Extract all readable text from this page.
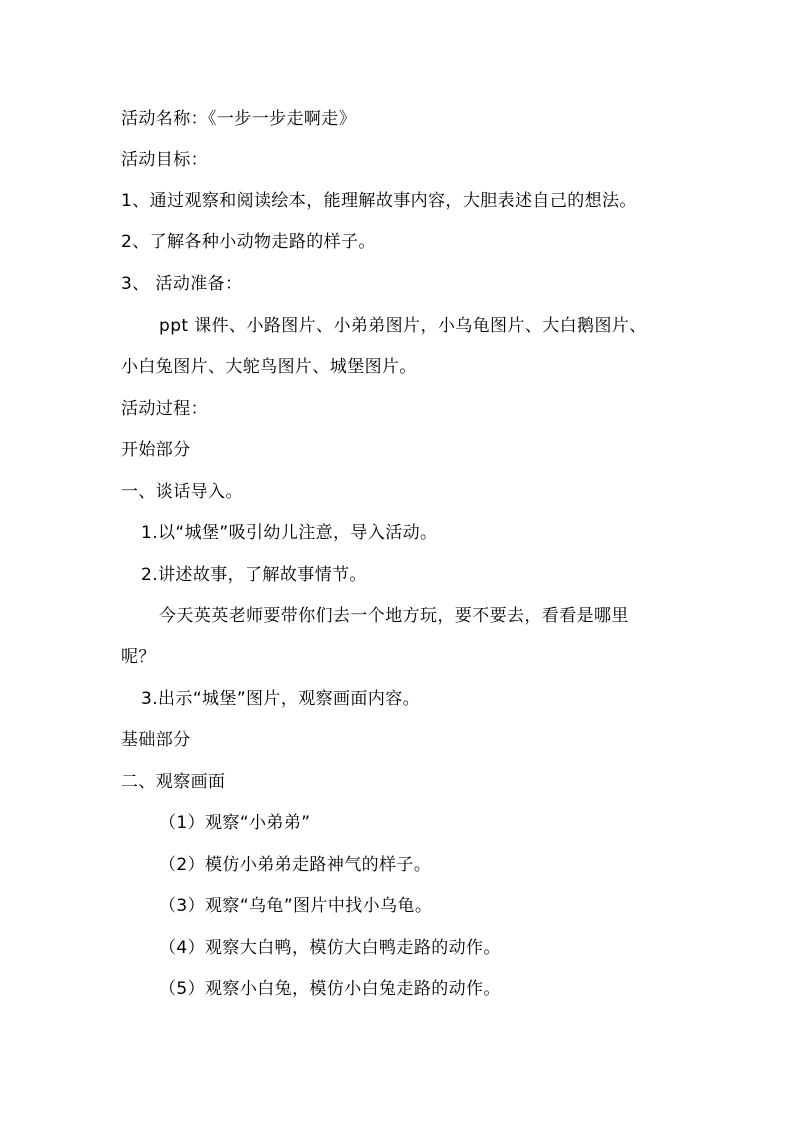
活动名称：《一步一步走啊走》
活动目标：
1、通过观察和阅读绘本，能理解故事内容，大胆表述自己的想法。
2、了解各种小动物走路的样子。
3、 活动准备：
ppt 课件、小路图片、小弟弟图片，小乌龟图片、大白鹅图片、
小白兔图片、大鸵鸟图片、城堡图片。
活动过程：
开始部分
一、谈话导入。
1.以“城堡”吸引幼儿注意，导入活动。
2.讲述故事，了解故事情节。
今天英英老师要带你们去一个地方玩，要不要去，看看是哪里
呢？
3.出示“城堡”图片，观察画面内容。
基础部分
二、观察画面
（1）观察“小弟弟”
（2）模仿小弟弟走路神气的样子。
（3）观察“乌龟”图片中找小乌龟。
（4）观察大白鸭，模仿大白鸭走路的动作。
（5）观察小白兔，模仿小白兔走路的动作。
